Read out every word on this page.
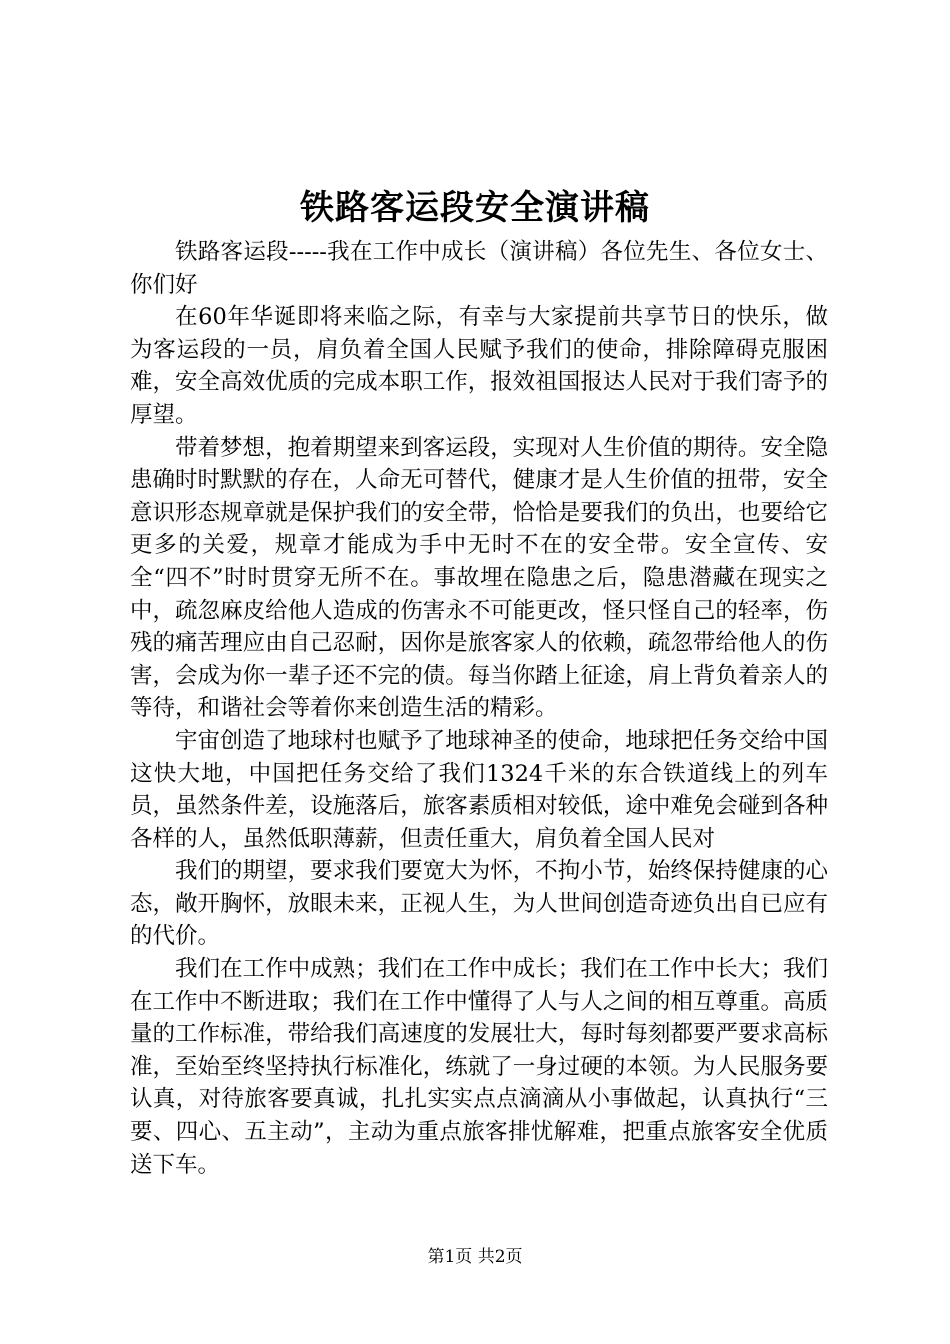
铁路客运段安全演讲稿

铁路客运段-----我在工作中成长（演讲稿）各位先生、各位女士、你们好

在60年华诞即将来临之际，有幸与大家提前共享节日的快乐，做为客运段的一员，肩负着全国人民赋予我们的使命，排除障碍克服困难，安全高效优质的完成本职工作，报效祖国报达人民对于我们寄予的厚望。

带着梦想，抱着期望来到客运段，实现对人生价值的期待。安全隐患确时时默默的存在，人命无可替代，健康才是人生价值的扭带，安全意识形态规章就是保护我们的安全带，恰恰是要我们的负出，也要给它更多的关爱，规章才能成为手中无时不在的安全带。安全宣传、安全“四不”时时贯穿无所不在。事故埋在隐患之后，隐患潜藏在现实之中，疏忽麻皮给他人造成的伤害永不可能更改，怪只怪自己的轻率，伤残的痛苦理应由自己忍耐，因你是旅客家人的依赖，疏忽带给他人的伤害，会成为你一辈子还不完的债。每当你踏上征途，肩上背负着亲人的等待，和谐社会等着你来创造生活的精彩。

宇宙创造了地球村也赋予了地球神圣的使命，地球把任务交给中国这快大地，中国把任务交给了我们1324千米的东合铁道线上的列车员，虽然条件差，设施落后，旅客素质相对较低，途中难免会碰到各种各样的人，虽然低职薄薪，但责任重大，肩负着全国人民对

我们的期望，要求我们要宽大为怀，不拘小节，始终保持健康的心态，敞开胸怀，放眼未来，正视人生，为人世间创造奇迹负出自已应有的代价。

我们在工作中成熟；我们在工作中成长；我们在工作中长大；我们在工作中不断进取；我们在工作中懂得了人与人之间的相互尊重。高质量的工作标准，带给我们高速度的发展壮大，每时每刻都要严要求高标准，至始至终坚持执行标准化，练就了一身过硬的本领。为人民服务要认真，对待旅客要真诚，扎扎实实点点滴滴从小事做起，认真执行“三要、四心、五主动”，主动为重点旅客排忧解难，把重点旅客安全优质送下车。

第1页 共2页
